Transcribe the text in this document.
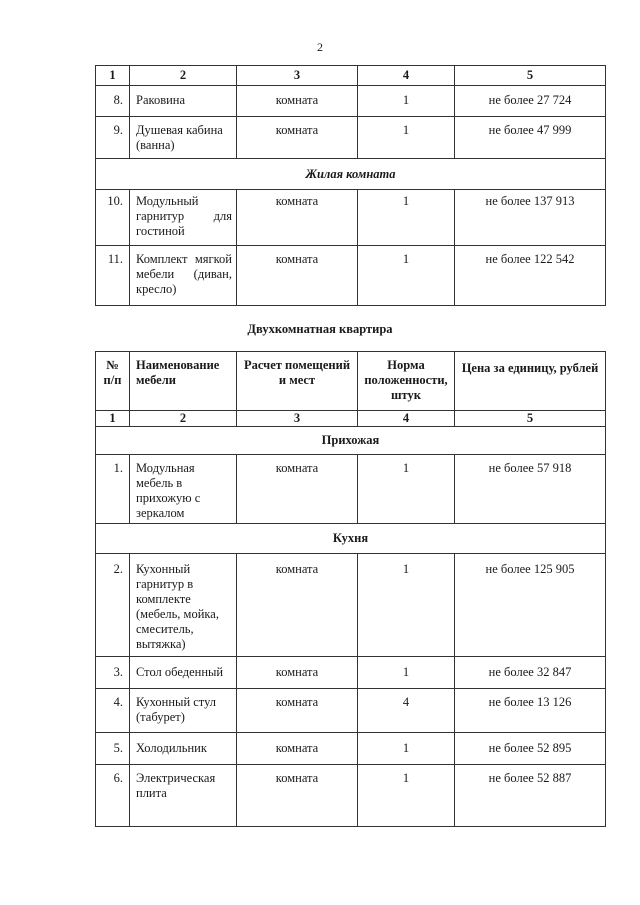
2
1	2	3	4	5
8.	Раковина	комната	1	не более 27 724
9.	Душевая кабина (ванна)	комната	1	не более 47 999
Жилая комната				
10.	Модульный гарнитур для гостиной	комната	1	не более 137 913
11.	Комплект мягкой мебели (диван, кресло)	комната	1	не более 122 542
Двухкомнатная квартира
№ п/п	Наименование мебели	Расчет помещений и мест	Норма положенности, штук	Цена за единицу, рублей
1	2	3	4	5
Прихожая				
1.	Модульная мебель в прихожую с зеркалом	комната	1	не более 57 918
Кухня				
2.	Кухонный гарнитур в комплекте (мебель, мойка, смеситель, вытяжка)	комната	1	не более 125 905
3.	Стол обеденный	комната	1	не более 32 847
4.	Кухонный стул (табурет)	комната	4	не более 13 126
5.	Холодильник	комната	1	не более 52 895
6.	Электрическая плита	комната	1	не более 52 887
